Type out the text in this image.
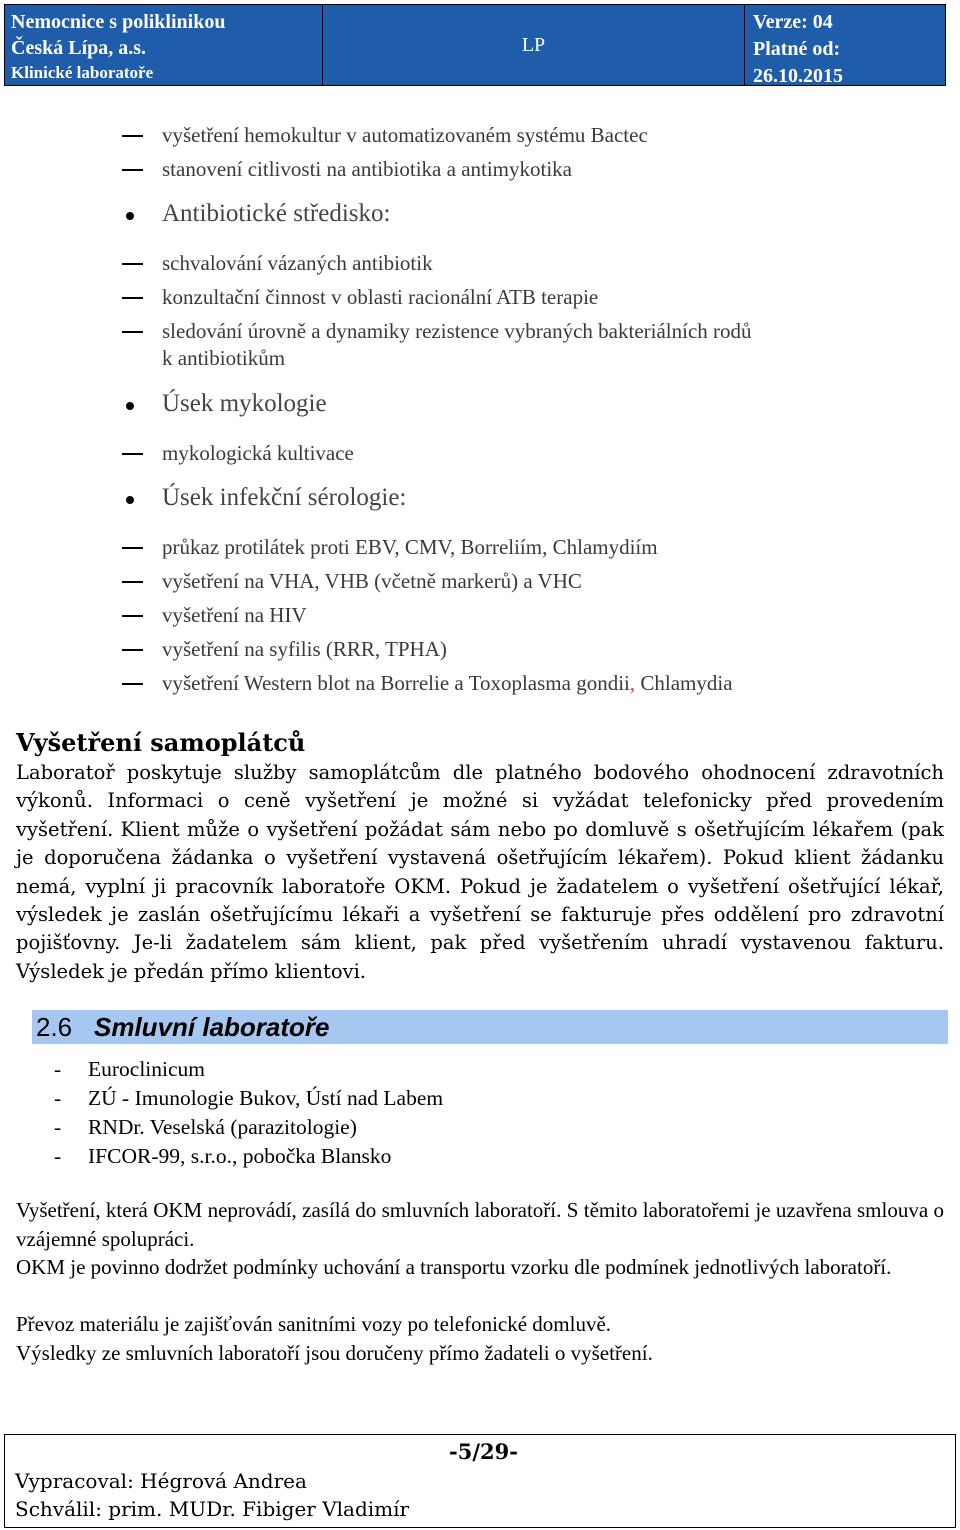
Nemocnice s poliklinikou
Česká Lípa, a.s.
Klinické laboratoře
LP
Verze: 04
Platné od:
26.10.2015
vyšetření hemokultur v automatizovaném systému Bactec
stanovení citlivosti na antibiotika a antimykotika
Antibiotické středisko:
schvalování vázaných antibiotik
konzultační činnost v oblasti racionální ATB terapie
sledování úrovně a dynamiky rezistence vybraných bakteriálních rodů
k antibiotikům
Úsek mykologie
mykologická kultivace
Úsek infekční sérologie:
průkaz protilátek proti EBV, CMV, Borreliím, Chlamydiím
vyšetření na VHA, VHB (včetně markerů) a VHC
vyšetření na HIV
vyšetření na syfilis (RRR, TPHA)
vyšetření Western blot na Borrelie a Toxoplasma gondii, Chlamydia
Vyšetření samoplátců
Laboratoř poskytuje služby samoplátcům dle platného bodového ohodnocení zdravotních výkonů. Informaci o ceně vyšetření je možné si vyžádat telefonicky před provedením vyšetření. Klient může o vyšetření požádat sám nebo po domluvě s ošetřujícím lékařem (pak je doporučena žádanka o vyšetření vystavená ošetřujícím lékařem). Pokud klient žádanku nemá, vyplní ji pracovník laboratoře OKM. Pokud je žadatelem o vyšetření ošetřující lékař, výsledek je zaslán ošetřujícímu lékaři a vyšetření se fakturuje přes oddělení pro zdravotní pojišťovny. Je-li žadatelem sám klient, pak před vyšetřením uhradí vystavenou fakturu. Výsledek je předán přímo klientovi.
2.6 Smluvní laboratoře
- Euroclinicum
- ZÚ - Imunologie Bukov, Ústí nad Labem
- RNDr. Veselská (parazitologie)
- IFCOR-99, s.r.o., pobočka Blansko
Vyšetření, která OKM neprovádí, zasílá do smluvních laboratoří. S těmito laboratořemi je uzavřena smlouva o vzájemné spolupráci.
OKM je povinno dodržet podmínky uchování a transportu vzorku dle podmínek jednotlivých laboratoří.
Převoz materiálu je zajišťován sanitními vozy po telefonické domluvě.
Výsledky ze smluvních laboratoří jsou doručeny přímo žadateli o vyšetření.
-5/29-
Vypracoval: Hégrová Andrea
Schválil: prim. MUDr. Fibiger Vladimír
